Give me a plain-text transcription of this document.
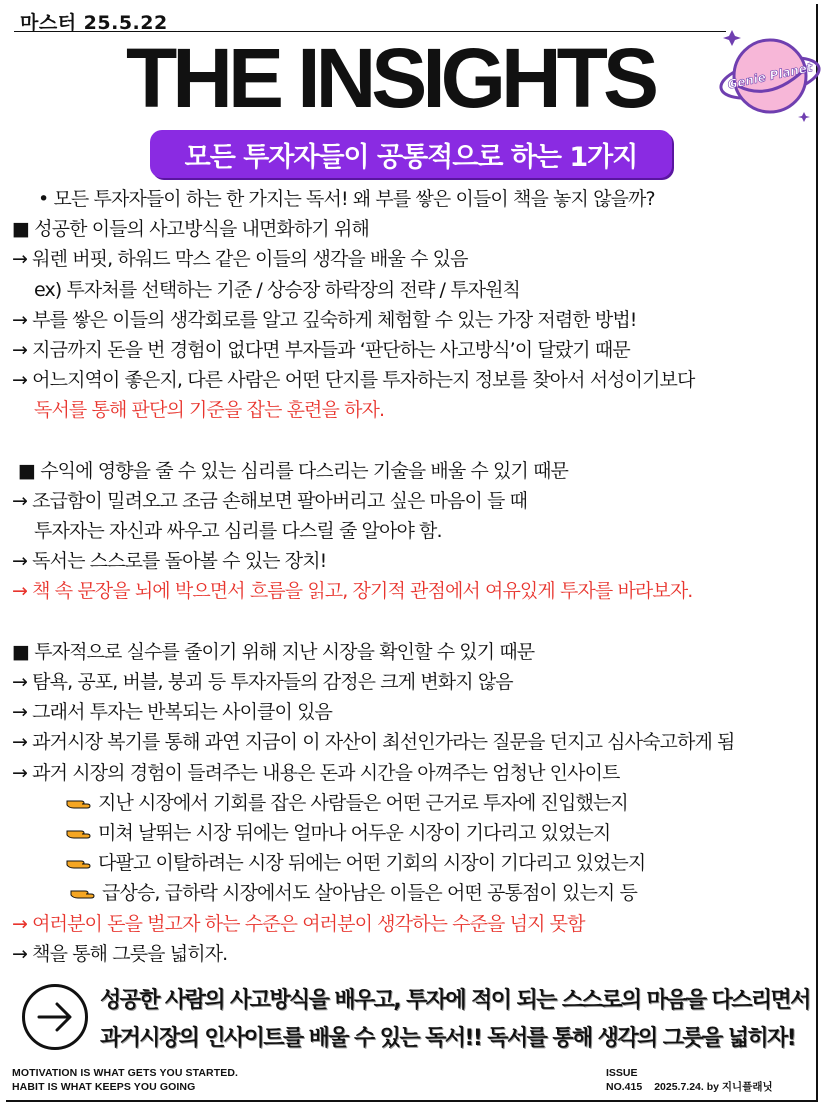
마스터 25.5.22
THE INSIGHTS	Genie Planet
모든 투자자들이 공통적으로 하는 1가지
• 모든 투자자들이 하는 한 가지는 독서! 왜 부를 쌓은 이들이 책을 놓지 않을까?
■ 성공한 이들의 사고방식을 내면화하기 위해
→ 워렌 버핏, 하워드 막스 같은 이들의 생각을 배울 수 있음
ex) 투자처를 선택하는 기준 / 상승장 하락장의 전략 / 투자원칙
→ 부를 쌓은 이들의 생각회로를 알고 깊숙하게 체험할 수 있는 가장 저렴한 방법!
→ 지금까지 돈을 번 경험이 없다면 부자들과 ‘판단하는 사고방식’이 달랐기 때문
→ 어느지역이 좋은지, 다른 사람은 어떤 단지를 투자하는지 정보를 찾아서 서성이기보다
독서를 통해 판단의 기준을 잡는 훈련을 하자.
■ 수익에 영향을 줄 수 있는 심리를 다스리는 기술을 배울 수 있기 때문
→ 조급함이 밀려오고 조금 손해보면 팔아버리고 싶은 마음이 들 때
투자자는 자신과 싸우고 심리를 다스릴 줄 알아야 함.
→ 독서는 스스로를 돌아볼 수 있는 장치!
→ 책 속 문장을 뇌에 박으면서 흐름을 읽고, 장기적 관점에서 여유있게 투자를 바라보자.
■ 투자적으로 실수를 줄이기 위해 지난 시장을 확인할 수 있기 때문
→ 탐욕, 공포, 버블, 붕괴 등 투자자들의 감정은 크게 변화지 않음
→ 그래서 투자는 반복되는 사이클이 있음
→ 과거시장 복기를 통해 과연 지금이 이 자산이 최선인가라는 질문을 던지고 심사숙고하게 됨
→ 과거 시장의 경험이 들려주는 내용은 돈과 시간을 아껴주는 엄청난 인사이트
지난 시장에서 기회를 잡은 사람들은 어떤 근거로 투자에 진입했는지
미쳐 날뛰는 시장 뒤에는 얼마나 어두운 시장이 기다리고 있었는지
다팔고 이탈하려는 시장 뒤에는 어떤 기회의 시장이 기다리고 있었는지
급상승, 급하락 시장에서도 살아남은 이들은 어떤 공통점이 있는지 등
→ 여러분이 돈을 벌고자 하는 수준은 여러분이 생각하는 수준을 넘지 못함
→ 책을 통해 그릇을 넓히자.
성공한 사람의 사고방식을 배우고, 투자에 적이 되는 스스로의 마음을 다스리면서
과거시장의 인사이트를 배울 수 있는 독서!! 독서를 통해 생각의 그릇을 넓히자!
MOTIVATION IS WHAT GETS YOU STARTED.
HABIT IS WHAT KEEPS YOU GOING
ISSUE
NO.415 2025.7.24. by 지니플래닛
